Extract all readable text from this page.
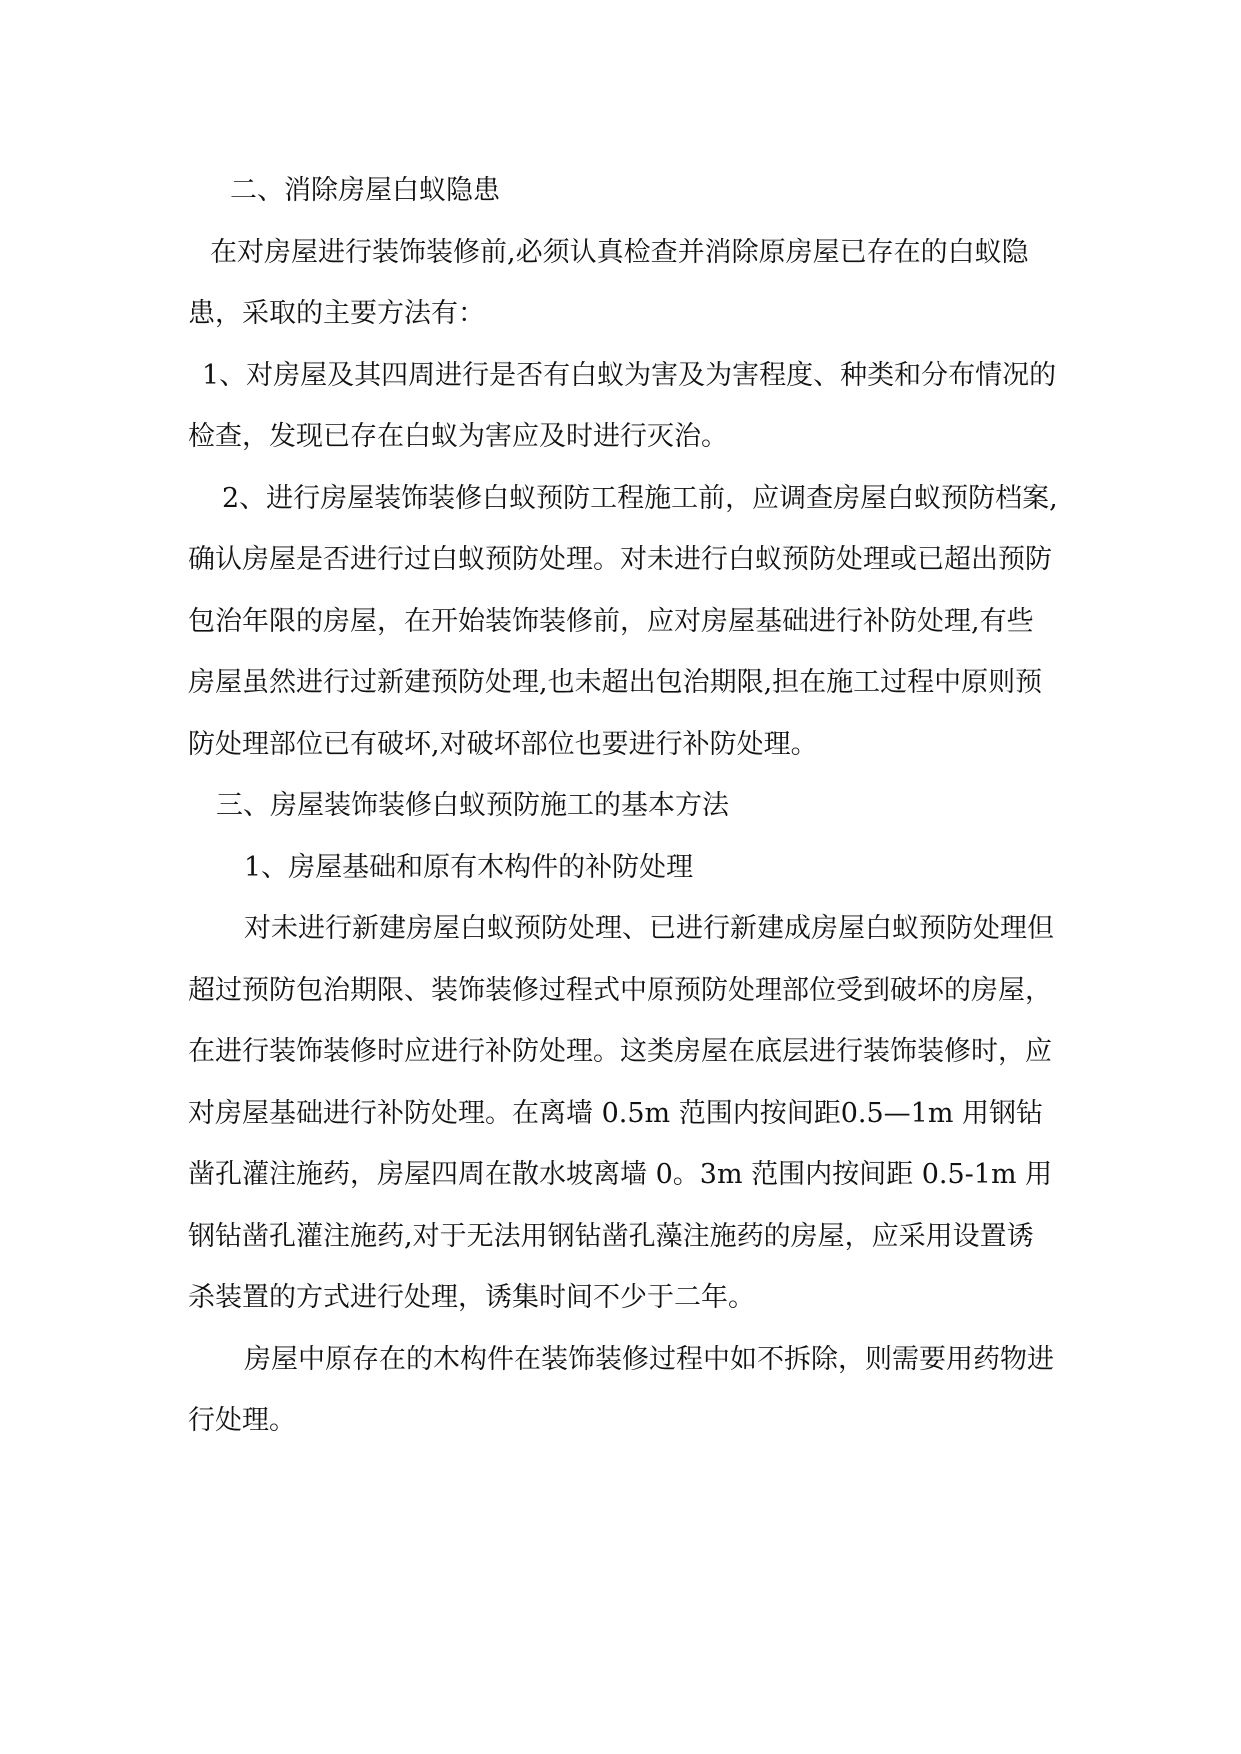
二、消除房屋白蚁隐患

在对房屋进行装饰装修前,必须认真检查并消除原房屋已存在的白蚁隐患，采取的主要方法有：

1、对房屋及其四周进行是否有白蚁为害及为害程度、种类和分布情况的检查，发现已存在白蚁为害应及时进行灭治。

2、进行房屋装饰装修白蚁预防工程施工前，应调查房屋白蚁预防档案,确认房屋是否进行过白蚁预防处理。对未进行白蚁预防处理或已超出预防包治年限的房屋，在开始装饰装修前，应对房屋基础进行补防处理,有些房屋虽然进行过新建预防处理,也未超出包治期限,担在施工过程中原则预防处理部位已有破坏,对破坏部位也要进行补防处理。

三、房屋装饰装修白蚁预防施工的基本方法

1、房屋基础和原有木构件的补防处理

对未进行新建房屋白蚁预防处理、已进行新建成房屋白蚁预防处理但超过预防包治期限、装饰装修过程式中原预防处理部位受到破坏的房屋，在进行装饰装修时应进行补防处理。这类房屋在底层进行装饰装修时，应对房屋基础进行补防处理。在离墙 0.5m 范围内按间距0.5—1m 用钢钻凿孔灌注施药，房屋四周在散水坡离墙 0。3m 范围内按间距 0.5-1m 用钢钻凿孔灌注施药,对于无法用钢钻凿孔藻注施药的房屋，应采用设置诱杀装置的方式进行处理，诱集时间不少于二年。

房屋中原存在的木构件在装饰装修过程中如不拆除，则需要用药物进行处理。
